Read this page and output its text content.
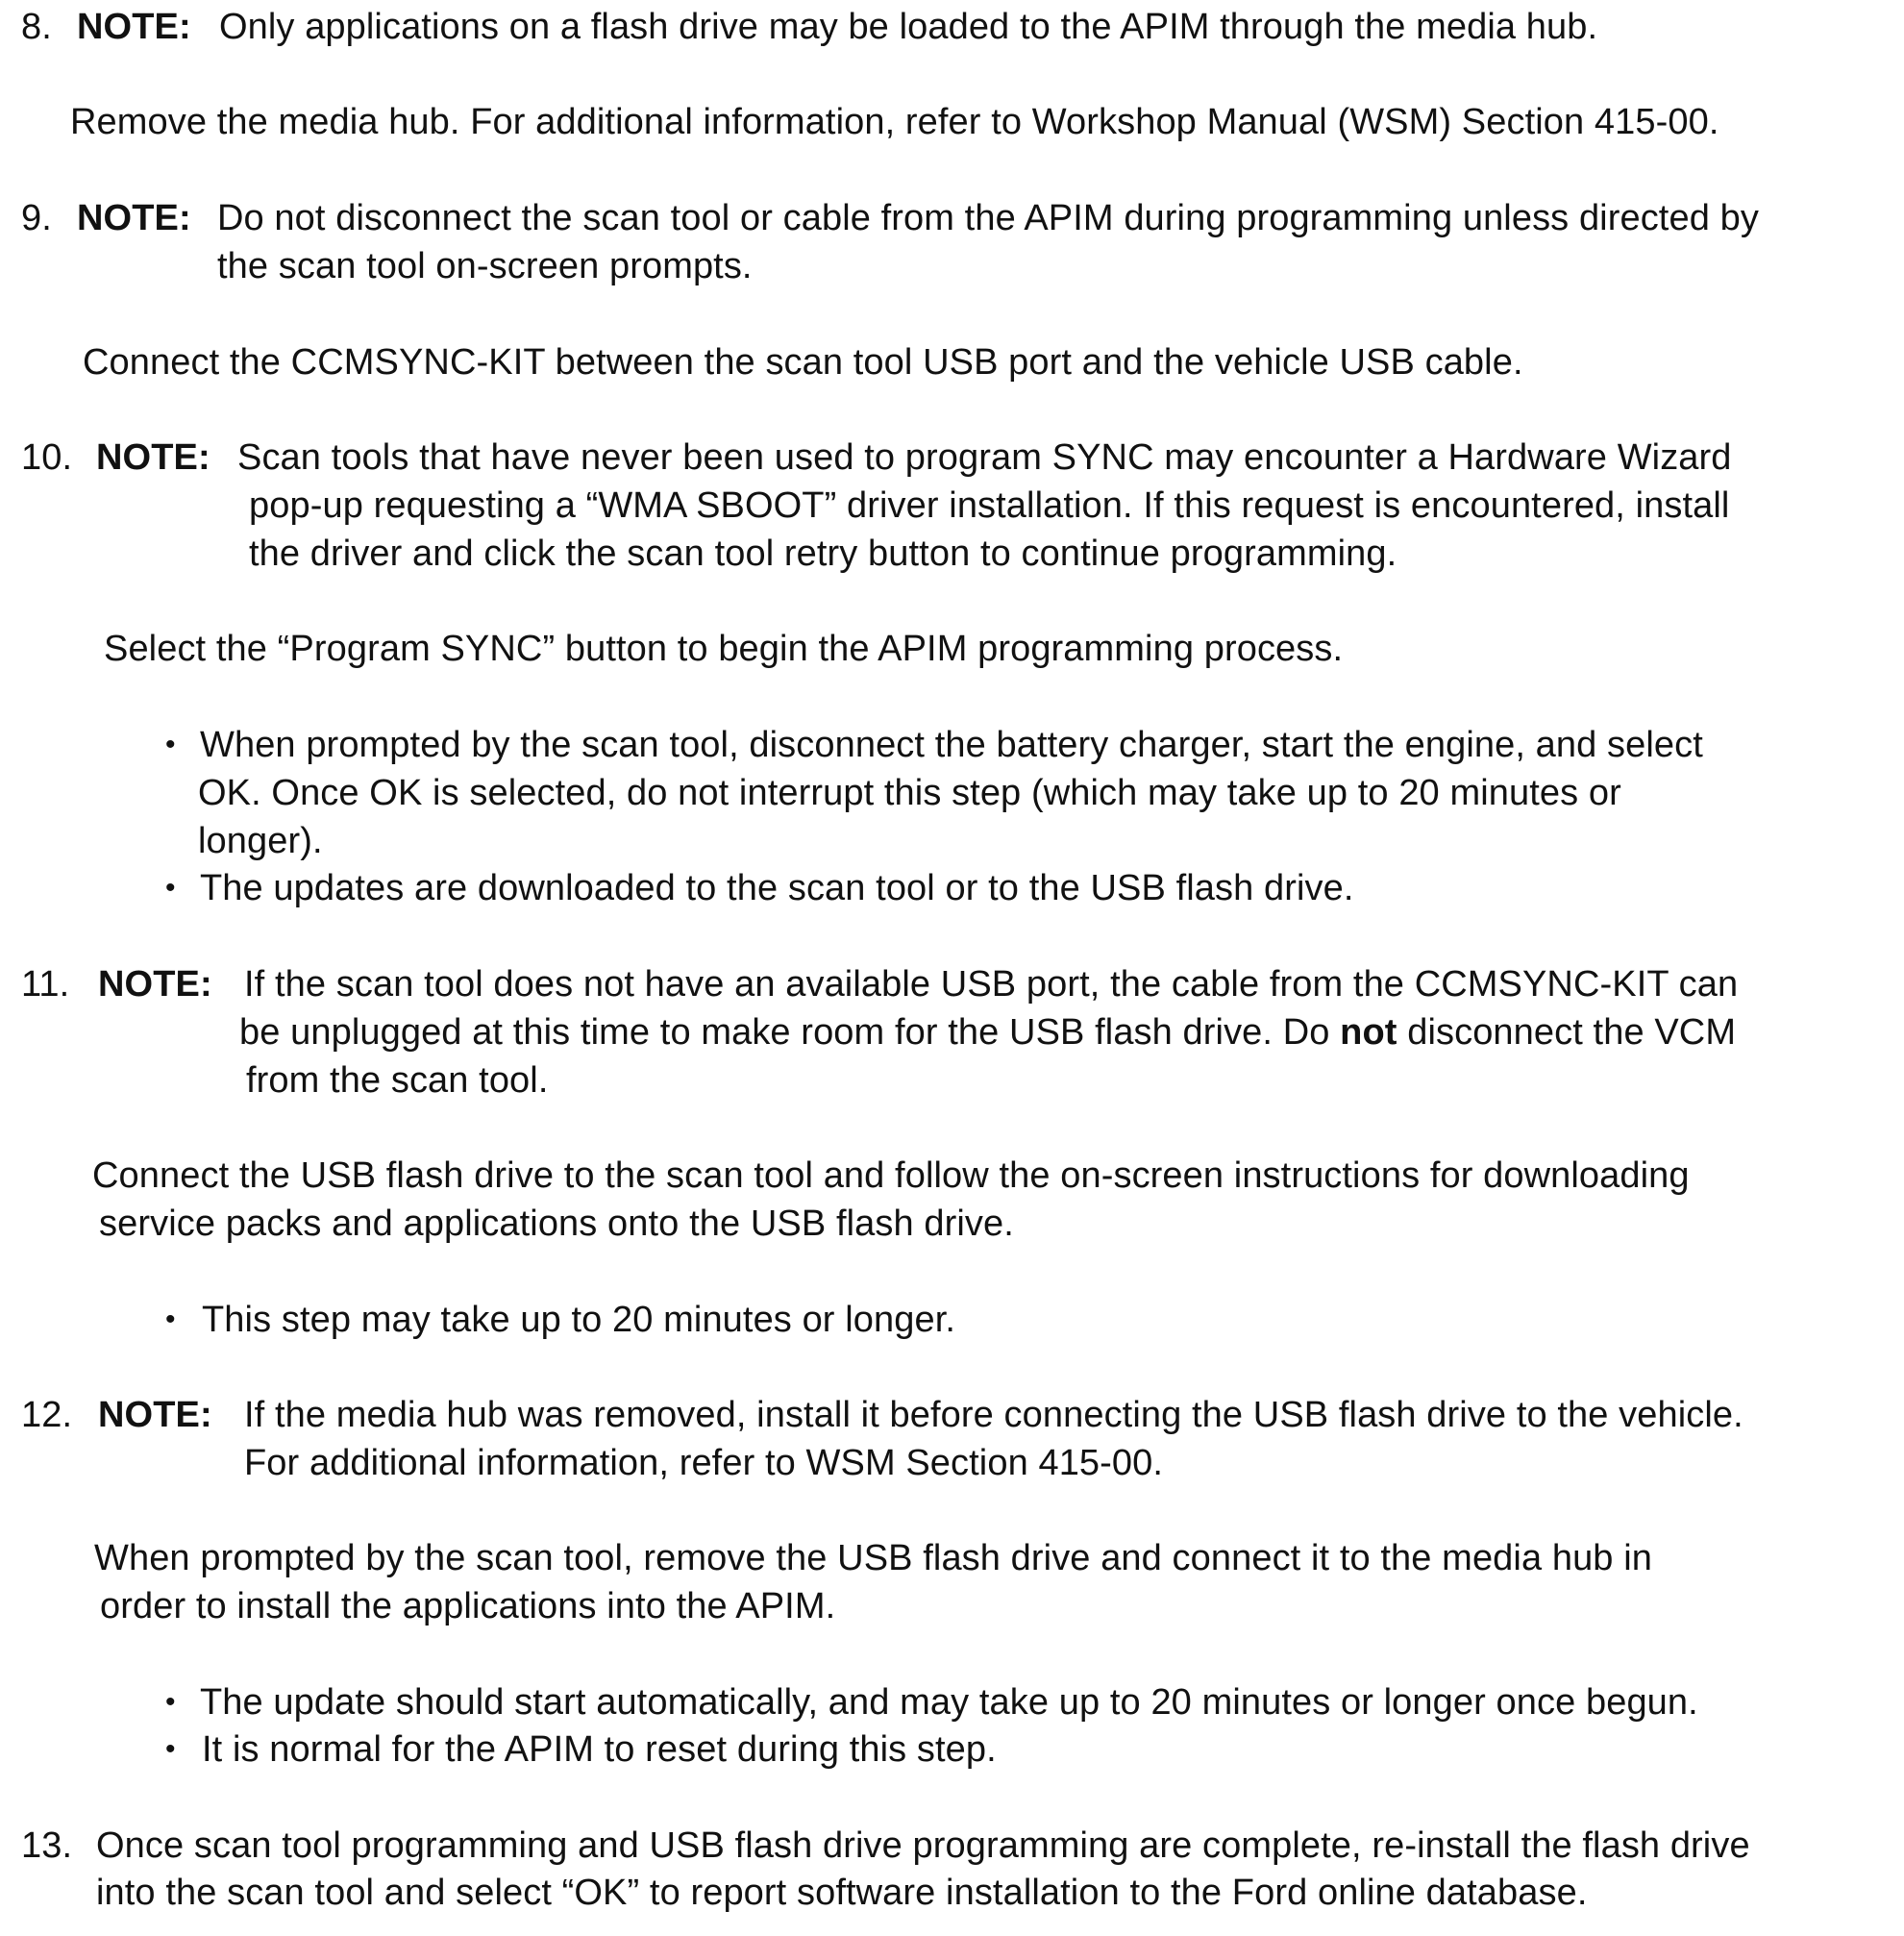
8. NOTE: Only applications on a flash drive may be loaded to the APIM through the media hub.
Remove the media hub. For additional information, refer to Workshop Manual (WSM) Section 415-00.
9. NOTE: Do not disconnect the scan tool or cable from the APIM during programming unless directed by
the scan tool on-screen prompts.
Connect the CCMSYNC-KIT between the scan tool USB port and the vehicle USB cable.
10. NOTE: Scan tools that have never been used to program SYNC may encounter a Hardware Wizard
pop-up requesting a “WMA SBOOT” driver installation. If this request is encountered, install
the driver and click the scan tool retry button to continue programming.
Select the “Program SYNC” button to begin the APIM programming process.
• When prompted by the scan tool, disconnect the battery charger, start the engine, and select
OK. Once OK is selected, do not interrupt this step (which may take up to 20 minutes or
longer).
• The updates are downloaded to the scan tool or to the USB flash drive.
11. NOTE: If the scan tool does not have an available USB port, the cable from the CCMSYNC-KIT can
be unplugged at this time to make room for the USB flash drive. Do not disconnect the VCM
from the scan tool.
Connect the USB flash drive to the scan tool and follow the on-screen instructions for downloading
service packs and applications onto the USB flash drive.
• This step may take up to 20 minutes or longer.
12. NOTE: If the media hub was removed, install it before connecting the USB flash drive to the vehicle.
For additional information, refer to WSM Section 415-00.
When prompted by the scan tool, remove the USB flash drive and connect it to the media hub in
order to install the applications into the APIM.
• The update should start automatically, and may take up to 20 minutes or longer once begun.
• It is normal for the APIM to reset during this step.
13. Once scan tool programming and USB flash drive programming are complete, re-install the flash drive
into the scan tool and select “OK” to report software installation to the Ford online database.
